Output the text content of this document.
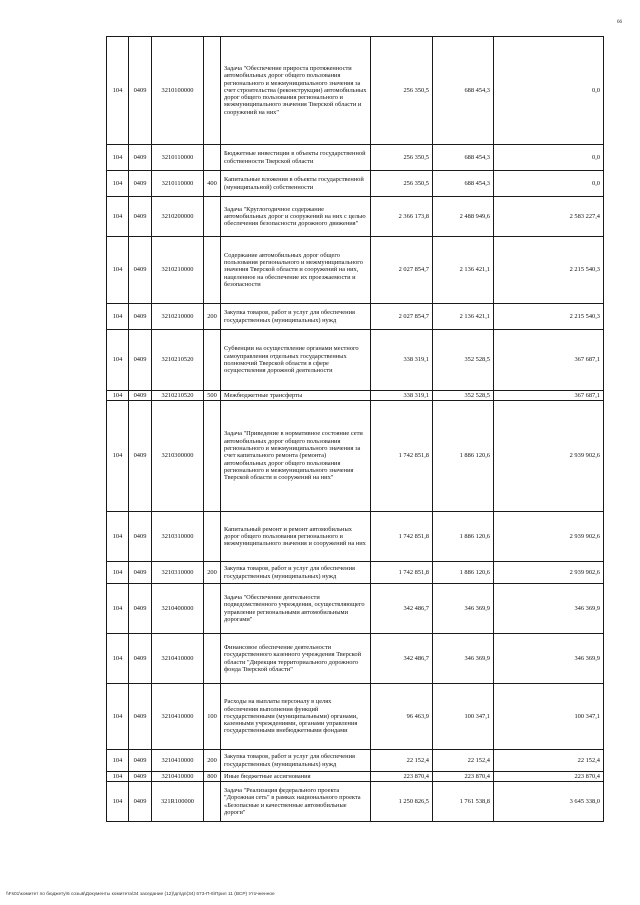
66
104	0409	3210100000		Задача "Обеспечение прироста протяженности автомобильных дорог общего пользования регионального и межмуниципального значения за счет строительства (реконструкции) автомобильных дорог общего пользования регионального и межмуниципального значения Тверской области и сооружений на них"	256 350,5	688 454,3	0,0
104	0409	3210110000		Бюджетные инвестиции в объекты государственной собственности Тверской области	256 350,5	688 454,3	0,0
104	0409	3210110000	400	Капитальные вложения в объекты государственной (муниципальной) собственности	256 350,5	688 454,3	0,0
104	0409	3210200000		Задача "Круглогодичное содержание автомобильных дорог и сооружений на них с целью обеспечения безопасности дорожного движения"	2 366 173,8	2 488 949,6	2 583 227,4
104	0409	3210210000		Содержание автомобильных дорог общего пользования регионального и межмуниципального значения Тверской области и сооружений на них, нацеленное на обеспечение их проезжаемости и безопасности	2 027 854,7	2 136 421,1	2 215 540,3
104	0409	3210210000	200	Закупка товаров, работ и услуг для обеспечения государственных (муниципальных) нужд	2 027 854,7	2 136 421,1	2 215 540,3
104	0409	3210210520		Субвенции на осуществление органами местного самоуправления отдельных государственных полномочий Тверской области в сфере осуществления дорожной деятельности	338 319,1	352 528,5	367 687,1
104	0409	3210210520	500	Межбюджетные трансферты	338 319,1	352 528,5	367 687,1
104	0409	3210300000		Задача "Приведение в нормативное состояние сети автомобильных дорог общего пользования регионального и межмуниципального значения за счет капитального ремонта (ремонта) автомобильных дорог общего пользования регионального и межмуниципального значения Тверской области и сооружений на них"	1 742 851,8	1 886 120,6	2 939 902,6
104	0409	3210310000		Капитальный ремонт и ремонт автомобильных дорог общего пользования регионального и межмуниципального значения и сооружений на них	1 742 851,8	1 886 120,6	2 939 902,6
104	0409	3210310000	200	Закупка товаров, работ и услуг для обеспечения государственных (муниципальных) нужд	1 742 851,8	1 886 120,6	2 939 902,6
104	0409	3210400000		Задача "Обеспечение деятельности подведомственного учреждения, осуществляющего управление региональными автомобильными дорогами"	342 486,7	346 369,9	346 369,9
104	0409	3210410000		Финансовое обеспечение деятельности государственного казенного учреждения Тверской области "Дирекция территориального дорожного фонда Тверской области"	342 486,7	346 369,9	346 369,9
104	0409	3210410000	100	Расходы на выплаты персоналу в целях обеспечения выполнения функций государственными (муниципальными) органами, казенными учреждениями, органами управления государственными внебюджетными фондами	96 463,9	100 347,1	100 347,1
104	0409	3210410000	200	Закупка товаров, работ и услуг для обеспечения государственных (муниципальных) нужд	22 152,4	22 152,4	22 152,4
104	0409	3210410000	800	Иные бюджетные ассигнования	223 870,4	223 870,4	223 870,4
104	0409	321R100000		Задача "Реализация федерального проекта "Дорожная сеть" в рамках национального проекта «Безопасные и качественные автомобильные дороги"	1 250 826,5	1 761 538,8	3 645 338,0
\\Fs01\комитет по бюджету\6 созыв\Документы комитета\34 заседание (12)\дп\дп(34) 673-П-6\Прил 11 (ВСР) Уточненное
